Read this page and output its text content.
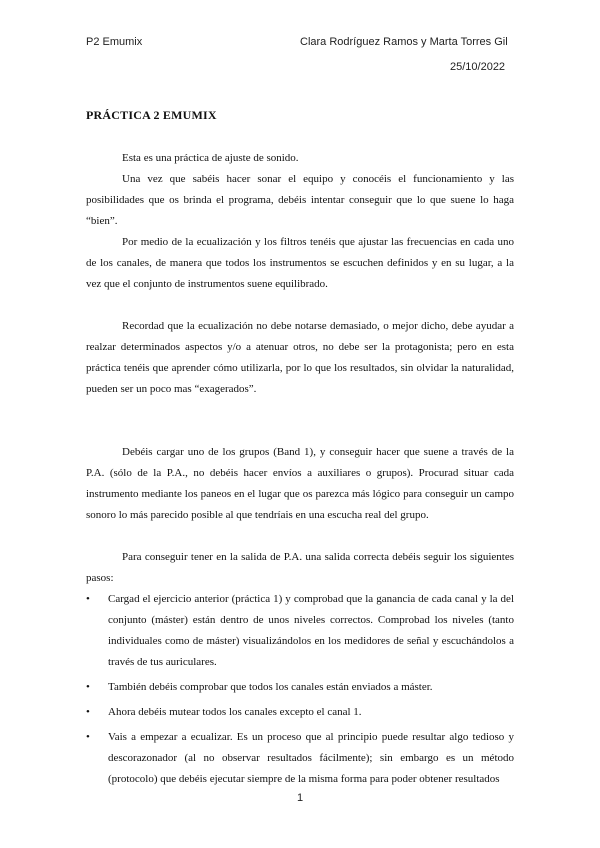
P2 Emumix	Clara Rodríguez Ramos y Marta Torres Gil
25/10/2022
PRÁCTICA 2 EMUMIX

Esta es una práctica de ajuste de sonido.

Una vez que sabéis hacer sonar el equipo y conocéis el funcionamiento y las posibilidades que os brinda el programa, debéis intentar conseguir que lo que suene lo haga “bien”.

Por medio de la ecualización y los filtros tenéis que ajustar las frecuencias en cada uno de los canales, de manera que todos los instrumentos se escuchen definidos y en su lugar, a la vez que el conjunto de instrumentos suene equilibrado.

Recordad que la ecualización no debe notarse demasiado, o mejor dicho, debe ayudar a realzar determinados aspectos y/o a atenuar otros, no debe ser la protagonista; pero en esta práctica tenéis que aprender cómo utilizarla, por lo que los resultados, sin olvidar la naturalidad, pueden ser un poco mas “exagerados”.

Debéis cargar uno de los grupos (Band 1), y conseguir hacer que suene a través de la P.A. (sólo de la P.A., no debéis hacer envíos a auxiliares o grupos). Procurad situar cada instrumento mediante los paneos en el lugar que os parezca más lógico para conseguir un campo sonoro lo más parecido posible al que tendríais en una escucha real del grupo.

Para conseguir tener en la salida de P.A. una salida correcta debéis seguir los siguientes pasos:

•	Cargad el ejercicio anterior (práctica 1) y comprobad que la ganancia de cada canal y la del conjunto (máster) están dentro de unos niveles correctos. Comprobad los niveles (tanto individuales como de máster) visualizándolos en los medidores de señal y escuchándolos a través de tus auriculares.
•	También debéis comprobar que todos los canales están enviados a máster.
•	Ahora debéis mutear todos los canales excepto el canal 1.
•	Vais a empezar a ecualizar. Es un proceso que al principio puede resultar algo tedioso y descorazonador (al no observar resultados fácilmente); sin embargo es un método (protocolo) que debéis ejecutar siempre de la misma forma para poder obtener resultados
1
